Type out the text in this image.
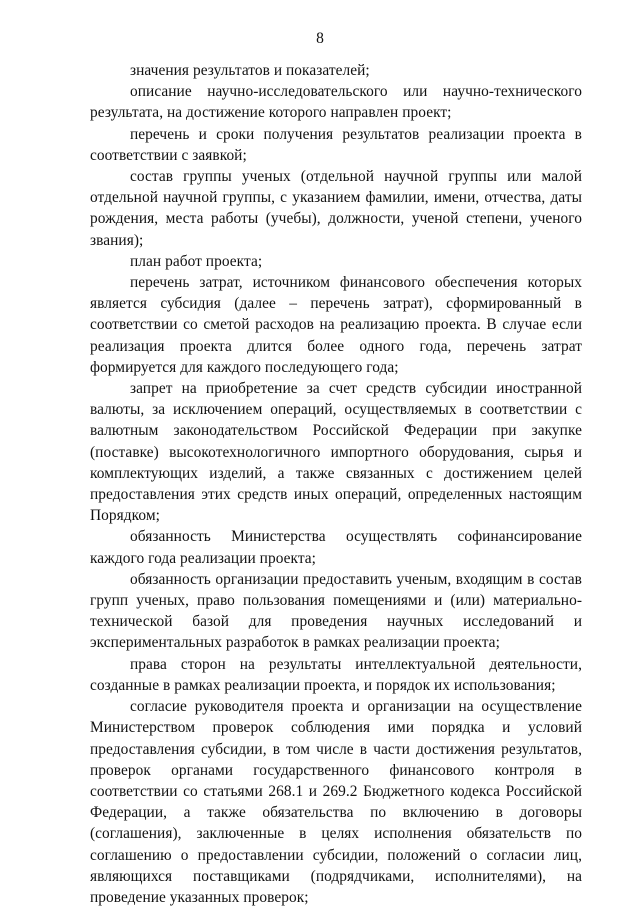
8

значения результатов и показателей;

описание научно-исследовательского или научно-технического результата, на достижение которого направлен проект;

перечень и сроки получения результатов реализации проекта в соответствии с заявкой;

состав группы ученых (отдельной научной группы или малой отдельной научной группы, с указанием фамилии, имени, отчества, даты рождения, места работы (учебы), должности, ученой степени, ученого звания);

план работ проекта;

перечень затрат, источником финансового обеспечения которых является субсидия (далее – перечень затрат), сформированный в соответствии со сметой расходов на реализацию проекта. В случае если реализация проекта длится более одного года, перечень затрат формируется для каждого последующего года;

запрет на приобретение за счет средств субсидии иностранной валюты, за исключением операций, осуществляемых в соответствии с валютным законодательством Российской Федерации при закупке (поставке) высокотехнологичного импортного оборудования, сырья и комплектующих изделий, а также связанных с достижением целей предоставления этих средств иных операций, определенных настоящим Порядком;

обязанность Министерства осуществлять софинансирование каждого года реализации проекта;

обязанность организации предоставить ученым, входящим в состав групп ученых, право пользования помещениями и (или) материально-технической базой для проведения научных исследований и экспериментальных разработок в рамках реализации проекта;

права сторон на результаты интеллектуальной деятельности, созданные в рамках реализации проекта, и порядок их использования;

согласие руководителя проекта и организации на осуществление Министерством проверок соблюдения ими порядка и условий предоставления субсидии, в том числе в части достижения результатов, проверок органами государственного финансового контроля в соответствии со статьями 268.1 и 269.2 Бюджетного кодекса Российской Федерации, а также обязательства по включению в договоры (соглашения), заключенные в целях исполнения обязательств по соглашению о предоставлении субсидии, положений о согласии лиц, являющихся поставщиками (подрядчиками, исполнителями), на проведение указанных проверок;
